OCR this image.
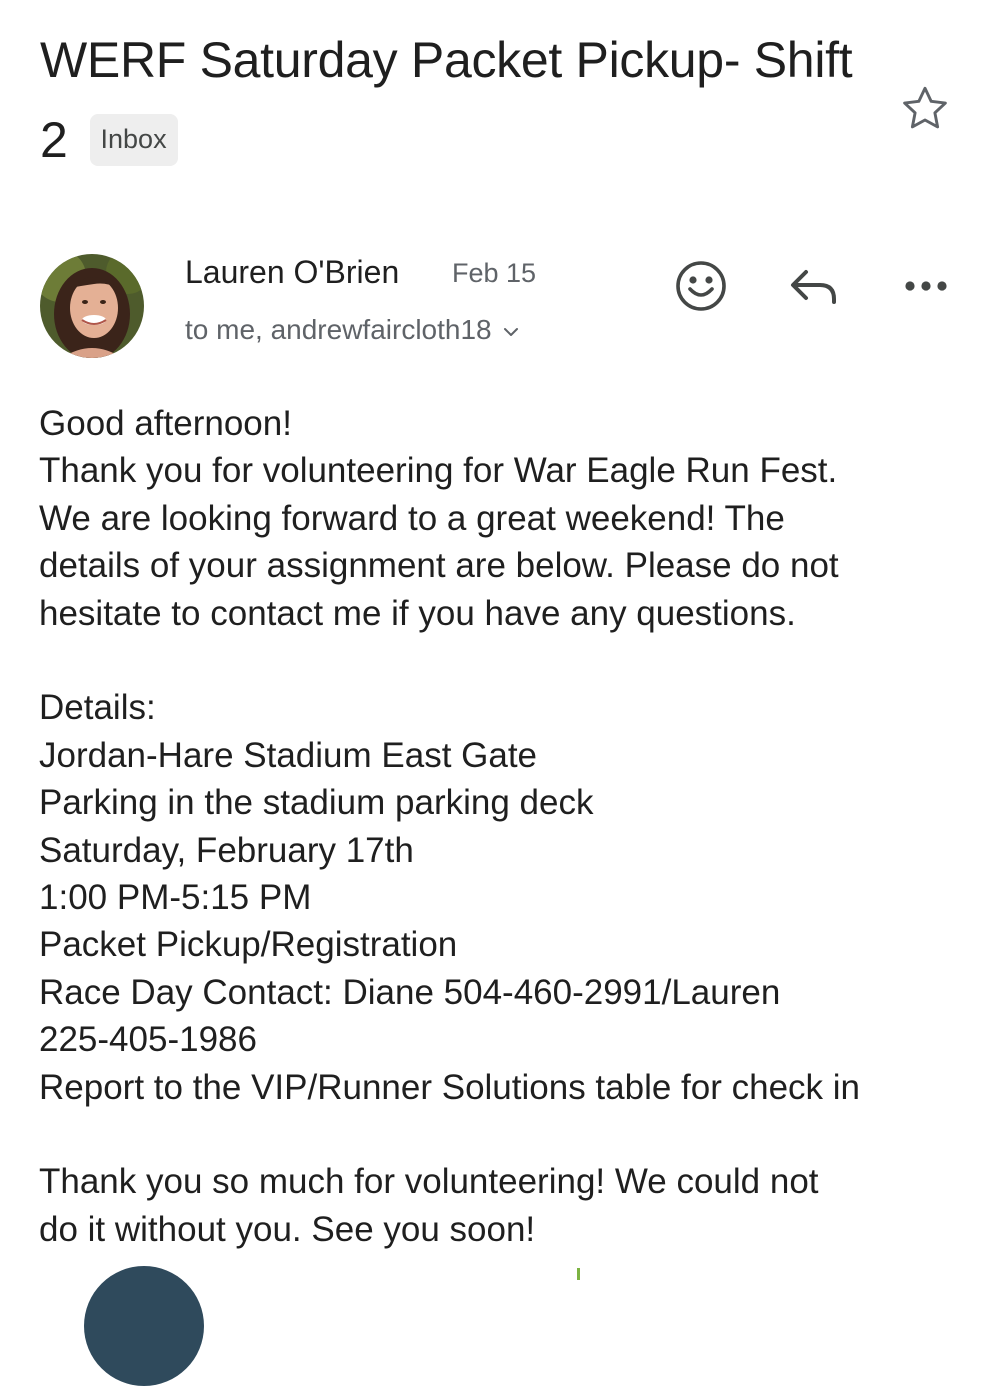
WERF Saturday Packet Pickup- Shift 2 Inbox
Lauren O'Brien Feb 15
to me, andrewfaircloth18

Good afternoon!

Thank you for volunteering for War Eagle Run Fest.

We are looking forward to a great weekend! The

details of your assignment are below. Please do not

hesitate to contact me if you have any questions.

Details:

Jordan-Hare Stadium East Gate

Parking in the stadium parking deck

Saturday, February 17th

1:00 PM-5:15 PM

Packet Pickup/Registration

Race Day Contact: Diane 504-460-2991/Lauren

225-405-1986

Report to the VIP/Runner Solutions table for check in

Thank you so much for volunteering! We could not

do it without you. See you soon!
